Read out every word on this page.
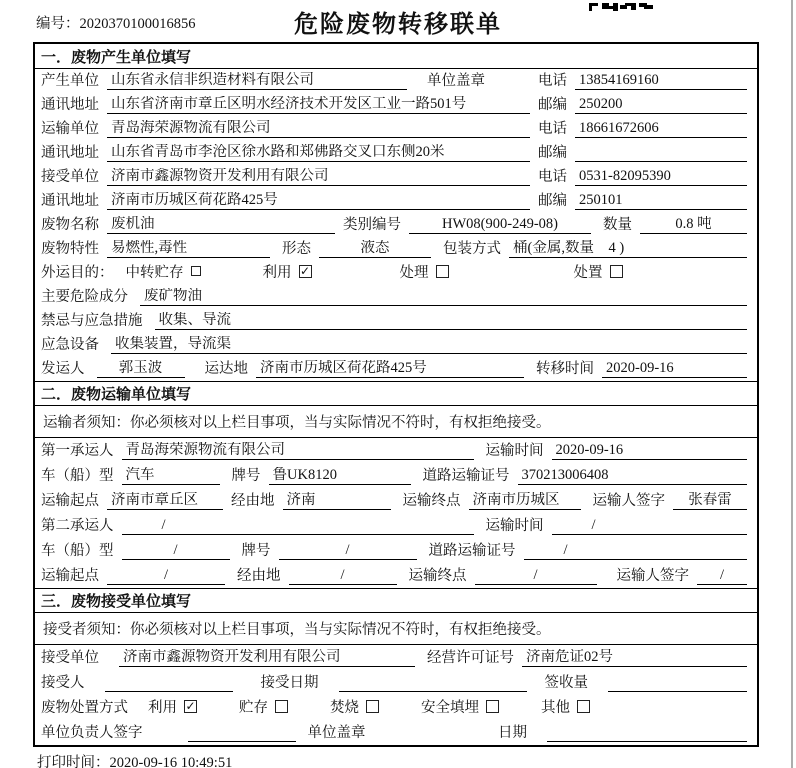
编号：2020370100016856	危险废物转移联单
一．废物产生单位填写
产生单位 山东省永信非织造材料有限公司	单位盖章	电话 13854169160
通讯地址 山东省济南市章丘区明水经济技术开发区工业一路501号	邮编 250200
运输单位 青岛海荣源物流有限公司	电话 18661672606
通讯地址 山东省青岛市李沧区徐水路和郑佛路交叉口东侧20米	邮编
接受单位 济南市鑫源物资开发利用有限公司	电话 0531-82095390
通讯地址 济南市历城区荷花路425号	邮编 250101
废物名称 废机油	类别编号	HW08(900-249-08)	数量	0.8 吨
废物特性 易燃性,毒性	形态	液态	包装方式 桶(金属,数量　4 )
外运目的： 中转贮存	利用 ✓	处理	处置
主要危险成分 废矿物油
禁忌与应急措施 收集、导流
应急设备 收集装置，导流渠
发运人	郭玉波	运达地 济南市历城区荷花路425号	转移时间 2020-09-16
二．废物运输单位填写
运输者须知：你必须核对以上栏目事项，当与实际情况不符时，有权拒绝接受。
第一承运人 青岛海荣源物流有限公司	运输时间 2020-09-16
车（船）型 汽车	牌号 鲁UK8120	道路运输证号 370213006408
运输起点 济南市章丘区	经由地 济南	运输终点 济南市历城区	运输人签字	张春雷
第二承运人	/	运输时间	/
车（船）型	/	牌号	/	道路运输证号	/
运输起点	/	经由地	/	运输终点	/	运输人签字	/
三．废物接受单位填写
接受者须知：你必须核对以上栏目事项，当与实际情况不符时，有权拒绝接受。
接受单位 济南市鑫源物资开发利用有限公司	经营许可证号 济南危证02号
接受人	接受日期	签收量
废物处置方式 利用 ✓	贮存	焚烧	安全填埋	其他
单位负责人签字	单位盖章	日期
打印时间：2020-09-16 10:49:51
